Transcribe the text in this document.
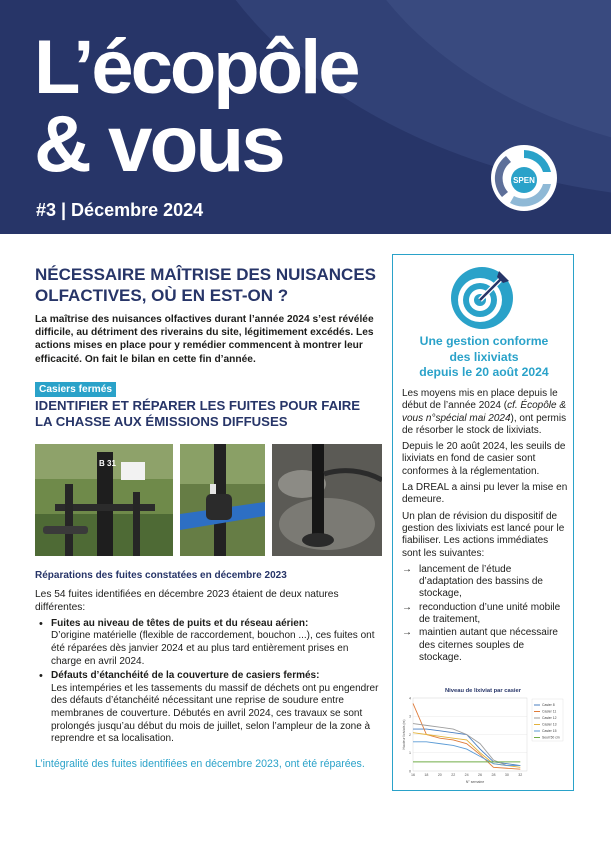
L’écopôle
& vous
#3 | Décembre 2024
SPEN
NÉCESSAIRE MAÎTRISE DES NUISANCES
OLFACTIVES, OÙ EN EST-ON ?

La maîtrise des nuisances olfactives durant l’année 2024 s’est révélée difficile, au détriment des riverains du site, légitimement excédés. Les actions mises en place pour y remédier commencent à montrer leur efficacité. On fait le bilan en cette fin d’année.

Casiers fermés
IDENTIFIER ET RÉPARER LES FUITES POUR FAIRE
LA CHASSE AUX ÉMISSIONS DIFFUSES
B 31
Réparations des fuites constatées en décembre 2023

Les 54 fuites identifiées en décembre 2023 étaient de deux natures différentes:

• Fuites au niveau de têtes de puits et du réseau aérien:
D’origine matérielle (flexible de raccordement, bouchon ...), ces fuites ont été réparées dès janvier 2024 et au plus tard entièrement prises en charge en avril 2024.
• Défauts d’étanchéité de la couverture de casiers fermés:
Les intempéries et les tassements du massif de déchets ont pu engendrer des défauts d’étanchéité nécessitant une reprise de soudure entre membranes de couverture. Débutés en avril 2024, ces travaux se sont prolongés jusqu’au début du mois de juillet, selon l’ampleur de la zone à reprendre et sa localisation.

L’intégralité des fuites identifiées en décembre 2023, ont été réparées.

Une gestion conforme
des lixiviats
depuis le 20 août 2024

Les moyens mis en place depuis le début de l’année 2024 (cf. Écopôle & vous n°spécial mai 2024), ont permis de résorber le stock de lixiviats.

Depuis le 20 août 2024, les seuils de lixiviats en fond de casier sont conformes à la réglementation.

La DREAL a ainsi pu lever la mise en demeure.

Un plan de révision du dispositif de gestion des lixiviats est lancé pour le fiabiliser. Les actions immédiates sont les suivantes:

→ lancement de l’étude d’adaptation des bassins de stockage,
→ reconduction d’une unité mobile de traitement,
→ maintien autant que nécessaire des citernes souples de stockage.
Niveau de lixiviat par casier
Hauteur lixiviats (m)
N° semaine
0
1
2
3
4
16	18	20	22	24	26	28	30	32
Casier 8
Casier 11
Casier 12
Casier 13
Casier 15
Seuil 50 cm
